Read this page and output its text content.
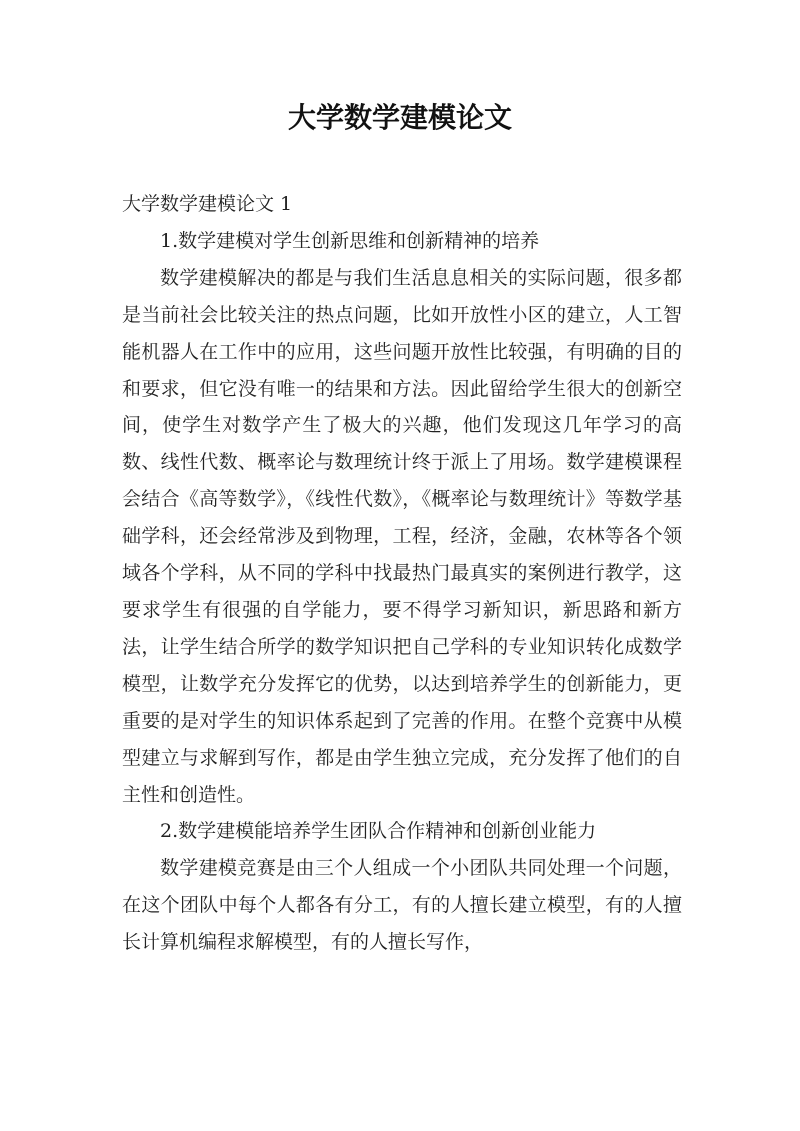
大学数学建模论文

大学数学建模论文 1

1.数学建模对学生创新思维和创新精神的培养

数学建模解决的都是与我们生活息息相关的实际问题，很多都是当前社会比较关注的热点问题，比如开放性小区的建立，人工智能机器人在工作中的应用，这些问题开放性比较强，有明确的目的和要求，但它没有唯一的结果和方法。因此留给学生很大的创新空间，使学生对数学产生了极大的兴趣，他们发现这几年学习的高数、线性代数、概率论与数理统计终于派上了用场。数学建模课程会结合《高等数学》，《线性代数》，《概率论与数理统计》等数学基础学科，还会经常涉及到物理，工程，经济，金融，农林等各个领域各个学科，从不同的学科中找最热门最真实的案例进行教学，这要求学生有很强的自学能力，要不得学习新知识，新思路和新方法，让学生结合所学的数学知识把自己学科的专业知识转化成数学模型，让数学充分发挥它的优势，以达到培养学生的创新能力，更重要的是对学生的知识体系起到了完善的作用。在整个竞赛中从模型建立与求解到写作，都是由学生独立完成，充分发挥了他们的自主性和创造性。

2.数学建模能培养学生团队合作精神和创新创业能力

数学建模竞赛是由三个人组成一个小团队共同处理一个问题，在这个团队中每个人都各有分工，有的人擅长建立模型，有的人擅长计算机编程求解模型，有的人擅长写作，
